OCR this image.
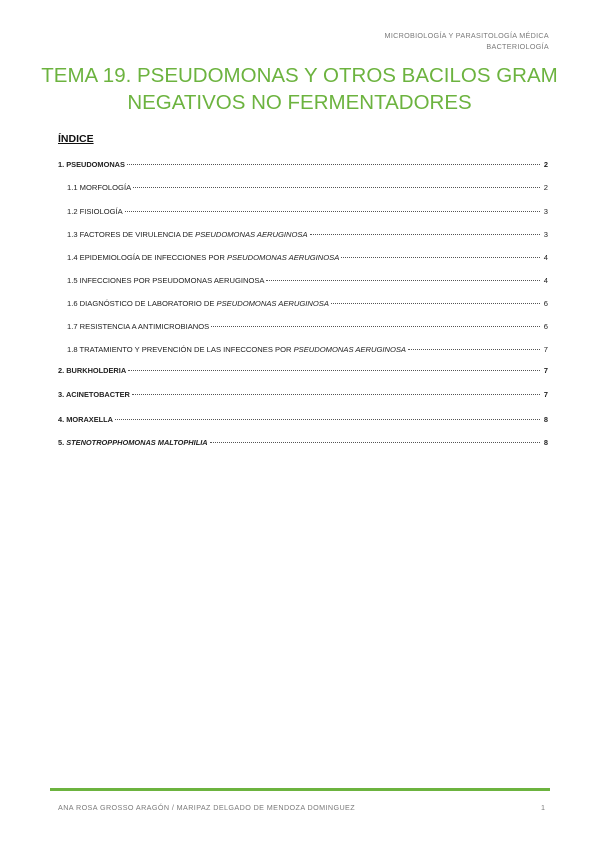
MICROBIOLOGÍA Y PARASITOLOGÍA MÉDICA
BACTERIOLOGÍA
TEMA 19. PSEUDOMONAS Y OTROS BACILOS GRAM
NEGATIVOS NO FERMENTADORES
ÍNDICE
1. PSEUDOMONAS	2
1.1 MORFOLOGÍA	2
1.2 FISIOLOGÍA	3
1.3 FACTORES DE VIRULENCIA DE PSEUDOMONAS AERUGINOSA	3
1.4 EPIDEMIOLOGÍA DE INFECCIONES POR PSEUDOMONAS AERUGINOSA	4
1.5 INFECCIONES POR PSEUDOMONAS AERUGINOSA	4
1.6 DIAGNÓSTICO DE LABORATORIO DE PSEUDOMONAS AERUGINOSA	6
1.7 RESISTENCIA A ANTIMICROBIANOS	6
1.8 TRATAMIENTO Y PREVENCIÓN DE LAS INFECCONES POR PSEUDOMONAS AERUGINOSA	7
2. BURKHOLDERIA	7
3. ACINETOBACTER	7
4. MORAXELLA	8
5. STENOTROPPHOMONAS MALTOPHILIA	8
ANA ROSA GROSSO ARAGÓN / MARIPAZ DELGADO DE MENDOZA DOMINGUEZ	1
